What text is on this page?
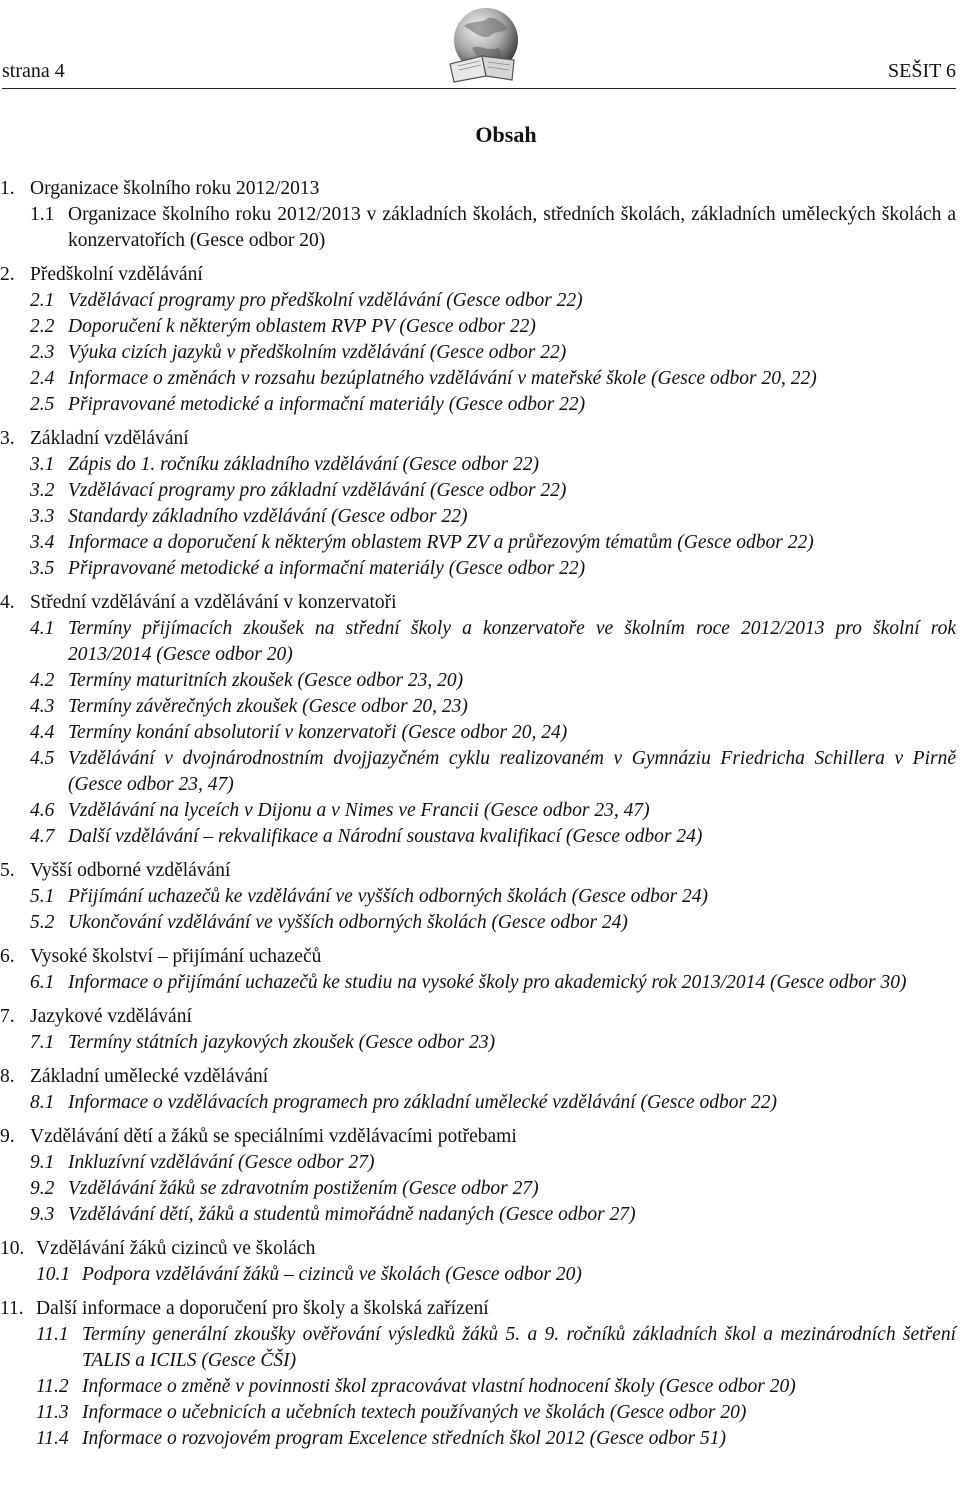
strana 4	SEŠIT 6
Obsah
1. Organizace školního roku 2012/2013
1.1 Organizace školního roku 2012/2013 v základních školách, středních školách, základních uměleckých školách a konzervatořích (Gesce odbor 20)
2. Předškolní vzdělávání
2.1 Vzdělávací programy pro předškolní vzdělávání (Gesce odbor 22)
2.2 Doporučení k některým oblastem RVP PV (Gesce odbor 22)
2.3 Výuka cizích jazyků v předškolním vzdělávání (Gesce odbor 22)
2.4 Informace o změnách v rozsahu bezúplatného vzdělávání v mateřské škole (Gesce odbor 20, 22)
2.5 Připravované metodické a informační materiály (Gesce odbor 22)
3. Základní vzdělávání
3.1 Zápis do 1. ročníku základního vzdělávání (Gesce odbor 22)
3.2 Vzdělávací programy pro základní vzdělávání (Gesce odbor 22)
3.3 Standardy základního vzdělávání (Gesce odbor 22)
3.4 Informace a doporučení k některým oblastem RVP ZV a průřezovým tématům (Gesce odbor 22)
3.5 Připravované metodické a informační materiály (Gesce odbor 22)
4. Střední vzdělávání a vzdělávání v konzervatoři
4.1 Termíny přijímacích zkoušek na střední školy a konzervatoře ve školním roce 2012/2013 pro školní rok 2013/2014 (Gesce odbor 20)
4.2 Termíny maturitních zkoušek (Gesce odbor 23, 20)
4.3 Termíny závěrečných zkoušek (Gesce odbor 20, 23)
4.4 Termíny konání absolutorií v konzervatoři (Gesce odbor 20, 24)
4.5 Vzdělávání v dvojnárodnostním dvojjazyčném cyklu realizovaném v Gymnáziu Friedricha Schillera v Pirně (Gesce odbor 23, 47)
4.6 Vzdělávání na lyceích v Dijonu a v Nimes ve Francii (Gesce odbor 23, 47)
4.7 Další vzdělávání – rekvalifikace a Národní soustava kvalifikací (Gesce odbor 24)
5. Vyšší odborné vzdělávání
5.1 Přijímání uchazečů ke vzdělávání ve vyšších odborných školách (Gesce odbor 24)
5.2 Ukončování vzdělávání ve vyšších odborných školách (Gesce odbor 24)
6. Vysoké školství – přijímání uchazečů
6.1 Informace o přijímání uchazečů ke studiu na vysoké školy pro akademický rok 2013/2014 (Gesce odbor 30)
7. Jazykové vzdělávání
7.1 Termíny státních jazykových zkoušek (Gesce odbor 23)
8. Základní umělecké vzdělávání
8.1 Informace o vzdělávacích programech pro základní umělecké vzdělávání (Gesce odbor 22)
9. Vzdělávání dětí a žáků se speciálními vzdělávacími potřebami
9.1 Inkluzívní vzdělávání (Gesce odbor 27)
9.2 Vzdělávání žáků se zdravotním postižením (Gesce odbor 27)
9.3 Vzdělávání dětí, žáků a studentů mimořádně nadaných (Gesce odbor 27)
10. Vzdělávání žáků cizinců ve školách
10.1 Podpora vzdělávání žáků – cizinců ve školách (Gesce odbor 20)
11. Další informace a doporučení pro školy a školská zařízení
11.1 Termíny generální zkoušky ověřování výsledků žáků 5. a 9. ročníků základních škol a mezinárodních šetření TALIS a ICILS (Gesce ČŠI)
11.2 Informace o změně v povinnosti škol zpracovávat vlastní hodnocení školy (Gesce odbor 20)
11.3 Informace o učebnicích a učebních textech používaných ve školách (Gesce odbor 20)
11.4 Informace o rozvojovém program Excelence středních škol 2012 (Gesce odbor 51)
